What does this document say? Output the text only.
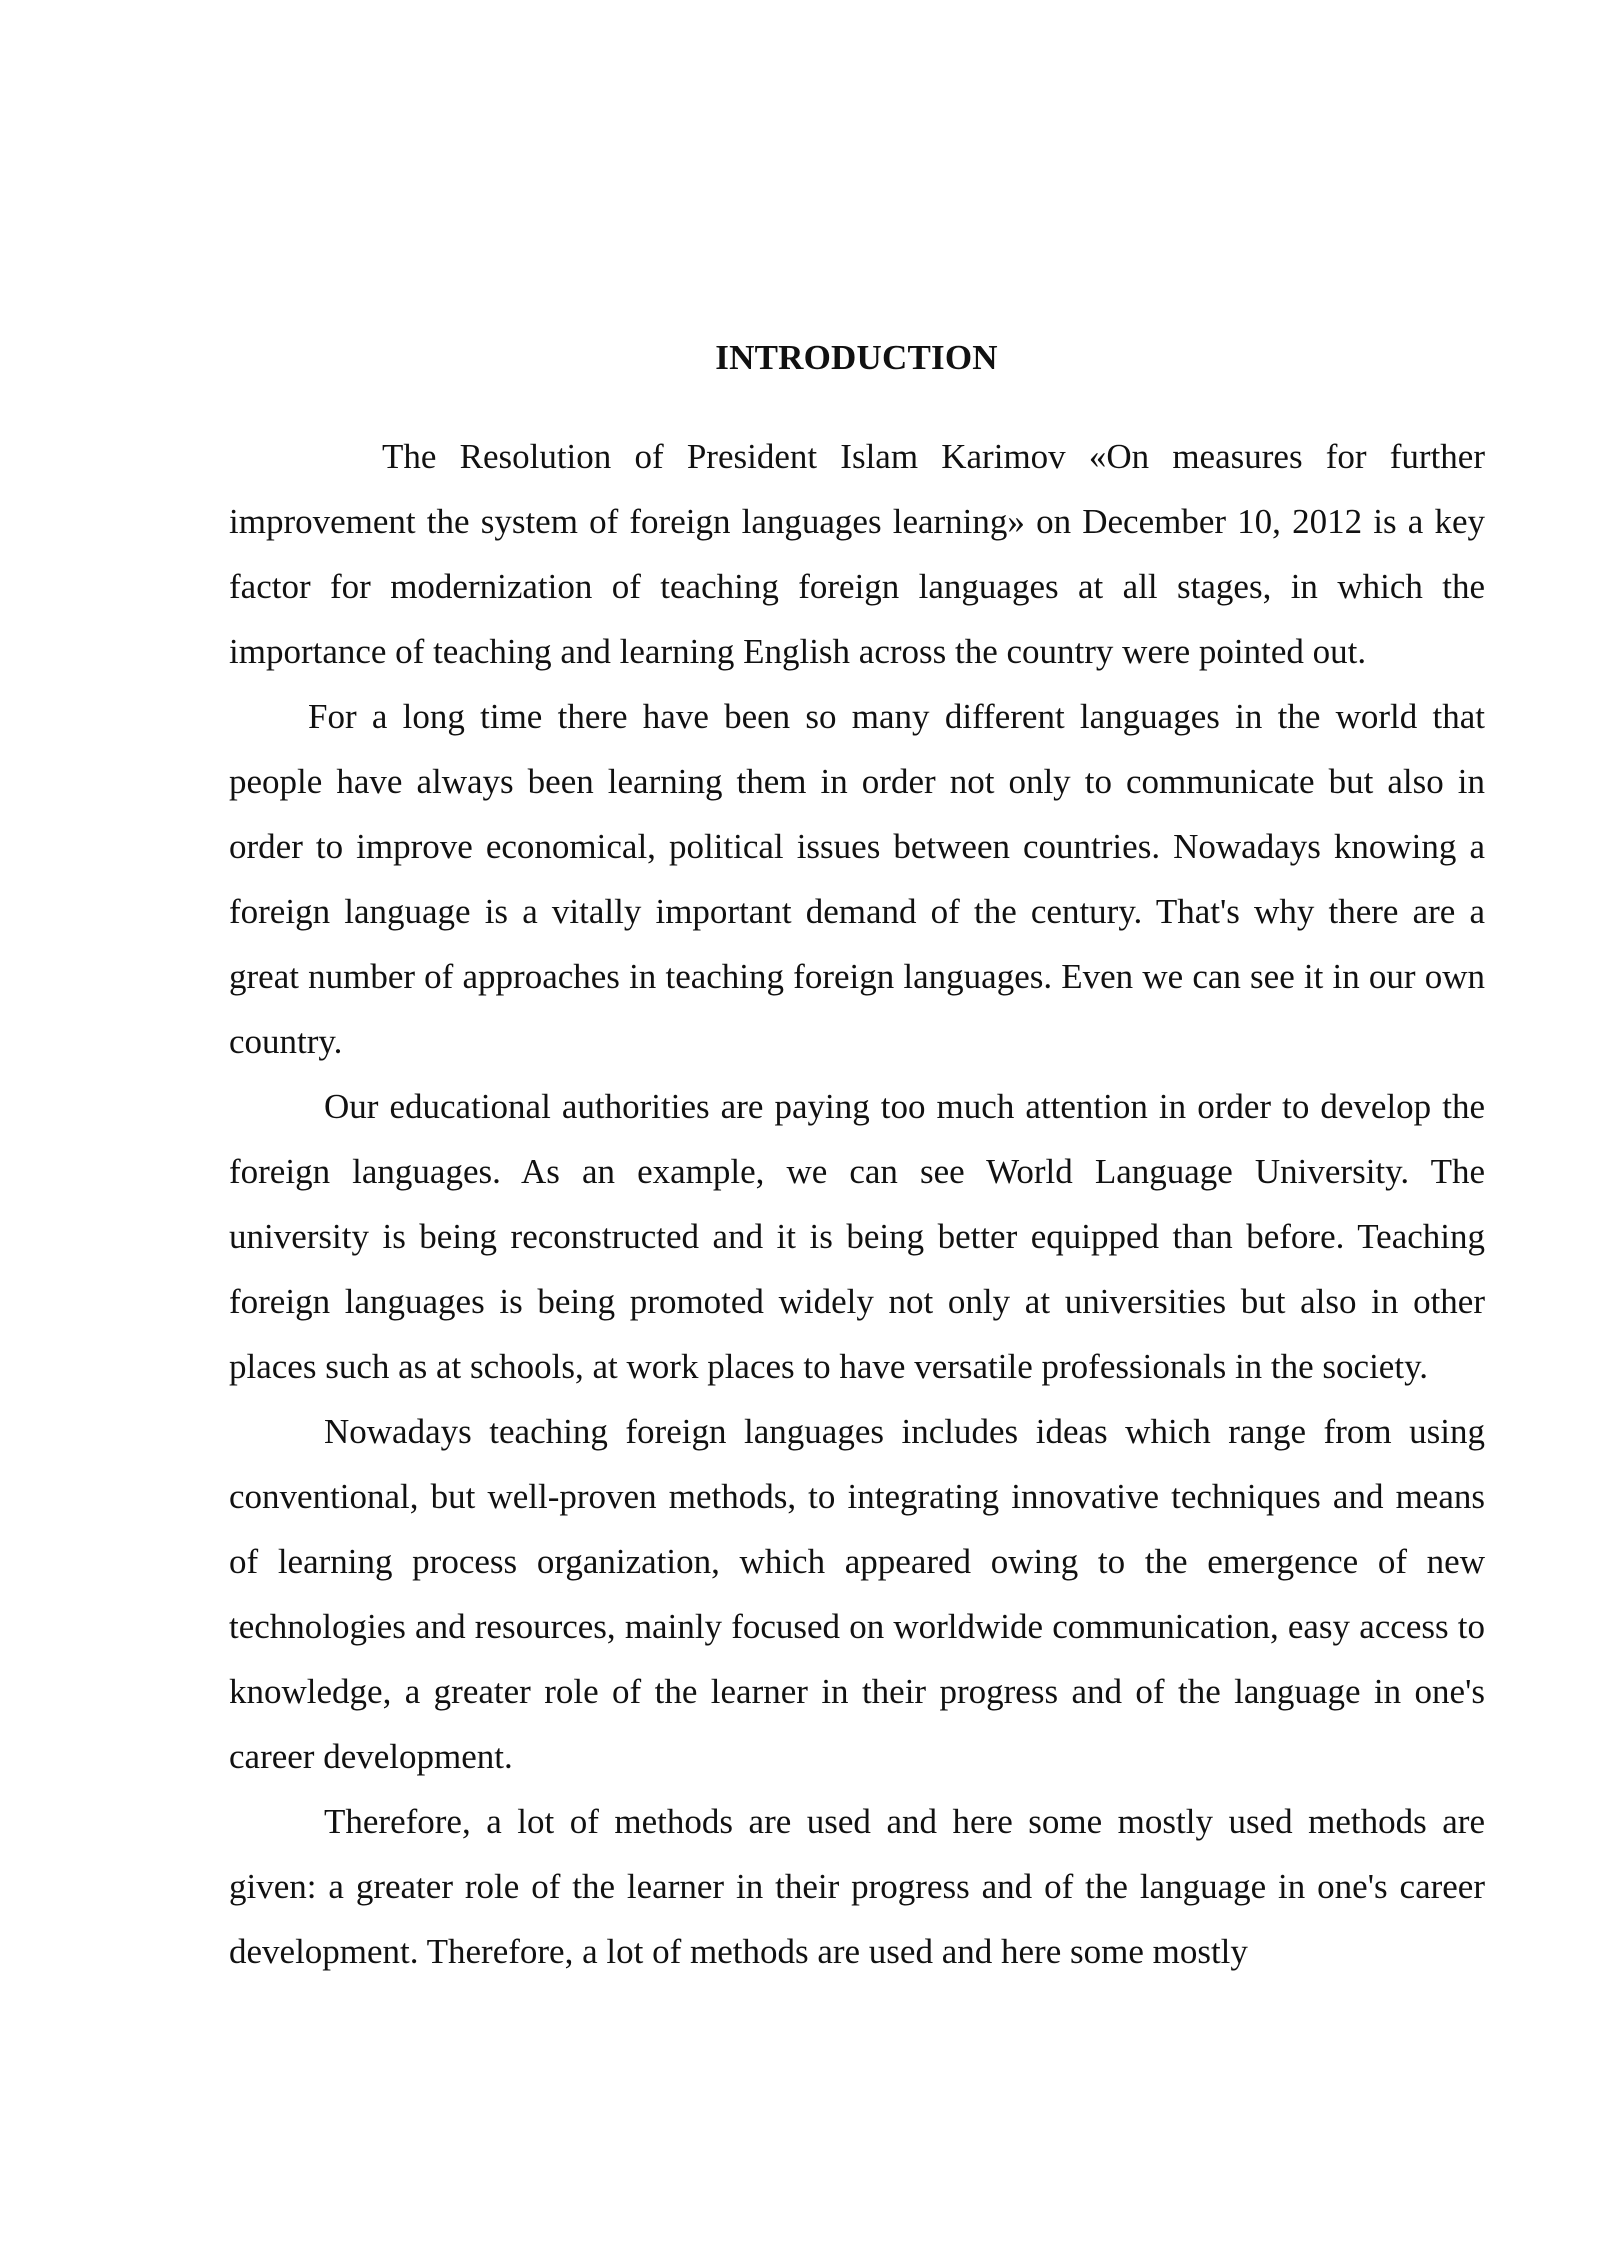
INTRODUCTION

The Resolution of President Islam Karimov «On measures for further improvement the system of foreign languages learning» on December 10, 2012 is a key factor for modernization of teaching foreign languages at all stages, in which the importance of teaching and learning English across the country were pointed out.

For a long time there have been so many different languages in the world that people have always been learning them in order not only to communicate but also in order to improve economical, political issues between countries. Nowadays knowing a foreign language is a vitally important demand of the century. That's why there are a great number of approaches in teaching foreign languages. Even we can see it in our own country.

Our educational authorities are paying too much attention in order to develop the foreign languages. As an example, we can see World Language University. The university is being reconstructed and it is being better equipped than before. Teaching foreign languages is being promoted widely not only at universities but also in other places such as at schools, at work places to have versatile professionals in the society.

Nowadays teaching foreign languages includes ideas which range from using conventional, but well-proven methods, to integrating innovative techniques and means of learning process organization, which appeared owing to the emergence of new technologies and resources, mainly focused on worldwide communication, easy access to knowledge, a greater role of the learner in their progress and of the language in one's career development.

Therefore, a lot of methods are used and here some mostly used methods are given: a greater role of the learner in their progress and of the language in one's career development. Therefore, a lot of methods are used and here some mostly
